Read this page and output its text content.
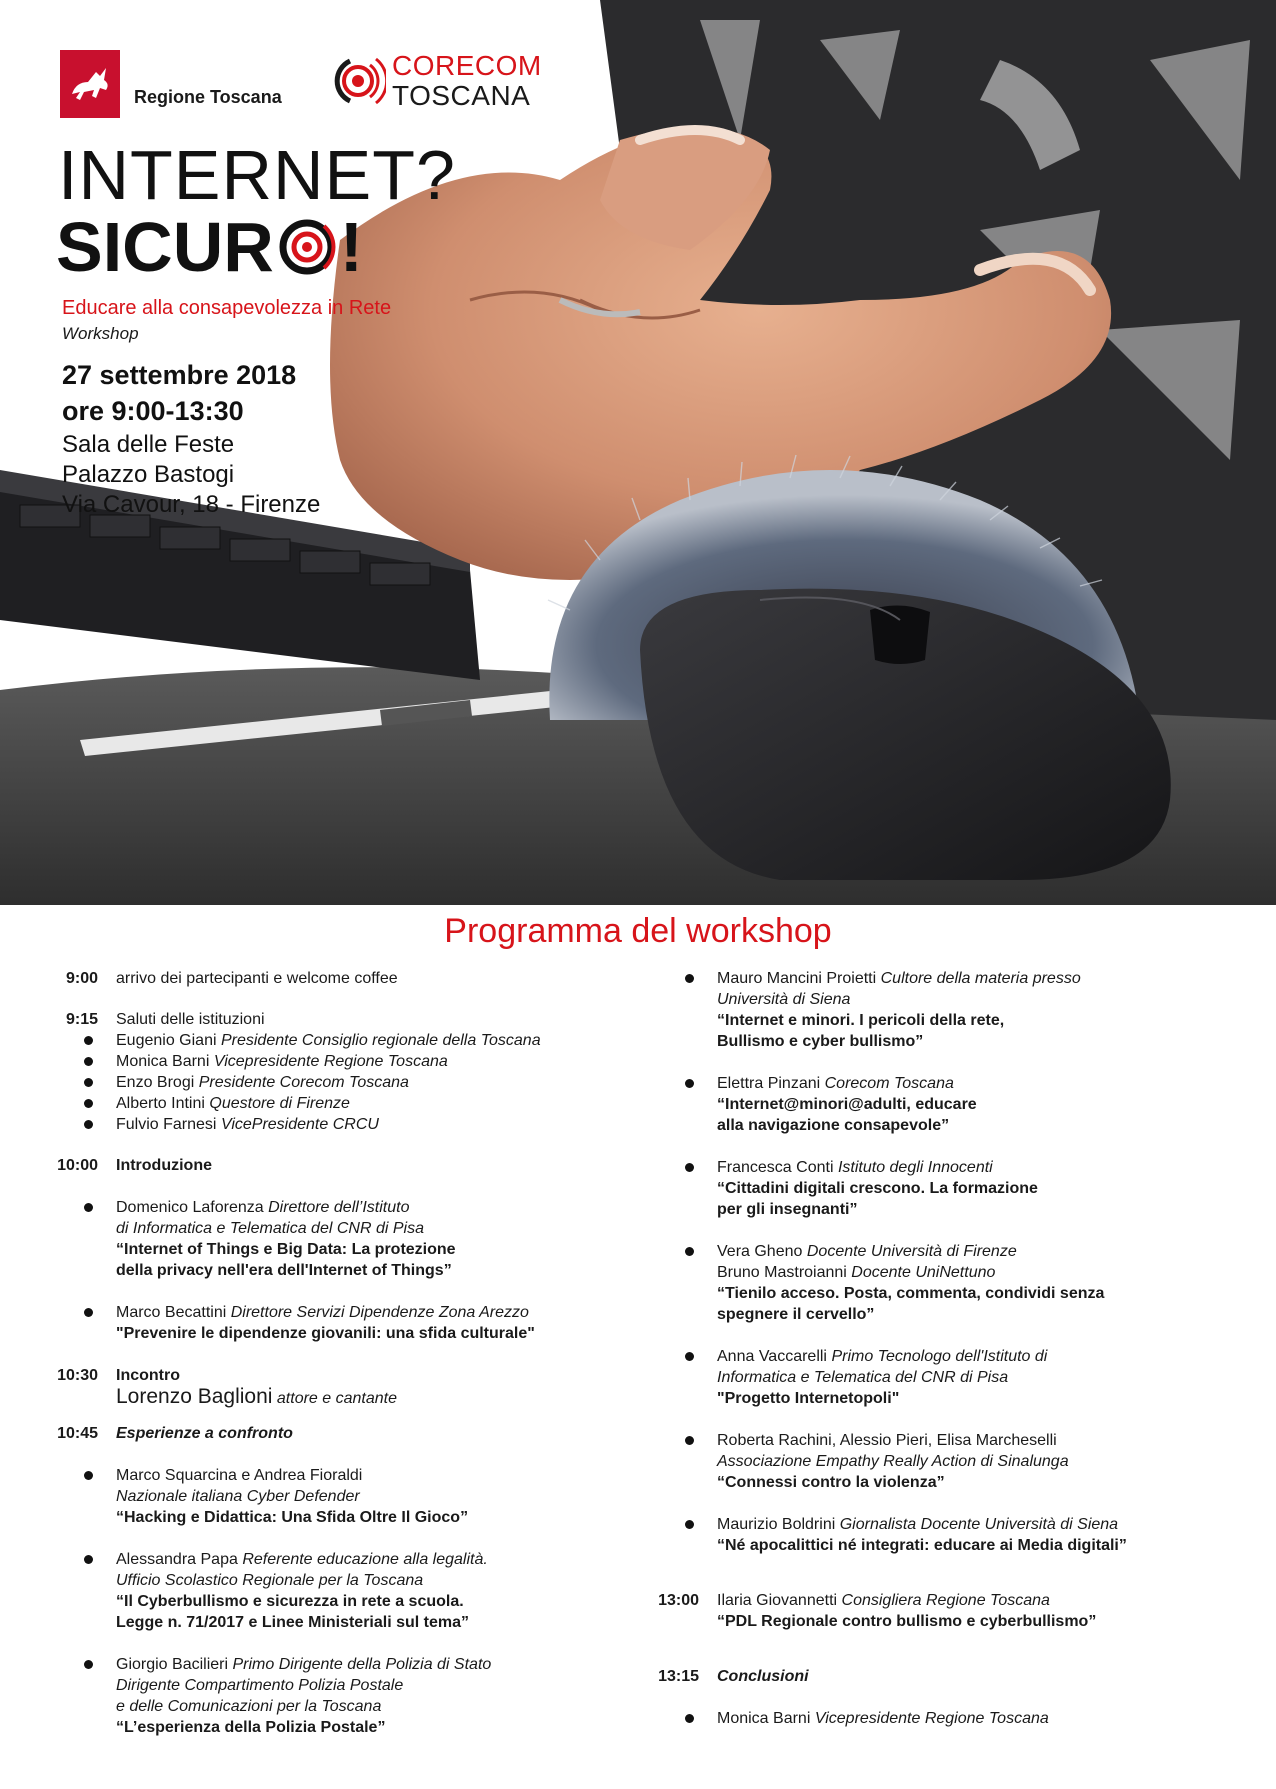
Regione Toscana
CORECOM
TOSCANA
INTERNET?
SICUR !
Educare alla consapevolezza in Rete
Workshop
27 settembre 2018
ore 9:00-13:30
Sala delle Feste
Palazzo Bastogi
Via Cavour, 18 - Firenze
Programma del workshop
9:00 arrivo dei partecipanti e welcome coffee
9:15 Saluti delle istituzioni
Eugenio Giani Presidente Consiglio regionale della Toscana
Monica Barni Vicepresidente Regione Toscana
Enzo Brogi Presidente Corecom Toscana
Alberto Intini Questore di Firenze
Fulvio Farnesi VicePresidente CRCU
10:00 Introduzione
Domenico Laforenza Direttore dell’Istituto
di Informatica e Telematica del CNR di Pisa
“Internet of Things e Big Data: La protezione
della privacy nell'era dell'Internet of Things”
Marco Becattini Direttore Servizi Dipendenze Zona Arezzo
"Prevenire le dipendenze giovanili: una sfida culturale"
10:30 Incontro
Lorenzo Baglioni attore e cantante
10:45 Esperienze a confronto
Marco Squarcina e Andrea Fioraldi
Nazionale italiana Cyber Defender
“Hacking e Didattica: Una Sfida Oltre Il Gioco”
Alessandra Papa Referente educazione alla legalità.
Ufficio Scolastico Regionale per la Toscana
“Il Cyberbullismo e sicurezza in rete a scuola.
Legge n. 71/2017 e Linee Ministeriali sul tema”
Giorgio Bacilieri Primo Dirigente della Polizia di Stato
Dirigente Compartimento Polizia Postale
e delle Comunicazioni per la Toscana
“L’esperienza della Polizia Postale”
Mauro Mancini Proietti Cultore della materia presso
Università di Siena
“Internet e minori. I pericoli della rete,
Bullismo e cyber bullismo”
Elettra Pinzani Corecom Toscana
“Internet@minori@adulti, educare
alla navigazione consapevole”
Francesca Conti Istituto degli Innocenti
“Cittadini digitali crescono. La formazione
per gli insegnanti”
Vera Gheno Docente Università di Firenze
Bruno Mastroianni Docente UniNettuno
“Tienilo acceso. Posta, commenta, condividi senza
spegnere il cervello”
Anna Vaccarelli Primo Tecnologo dell'Istituto di
Informatica e Telematica del CNR di Pisa
"Progetto Internetopoli"
Roberta Rachini, Alessio Pieri, Elisa Marcheselli
Associazione Empathy Really Action di Sinalunga
“Connessi contro la violenza”
Maurizio Boldrini Giornalista Docente Università di Siena
“Né apocalittici né integrati: educare ai Media digitali”
13:00 Ilaria Giovannetti Consigliera Regione Toscana
“PDL Regionale contro bullismo e cyberbullismo”
13:15 Conclusioni
Monica Barni Vicepresidente Regione Toscana
